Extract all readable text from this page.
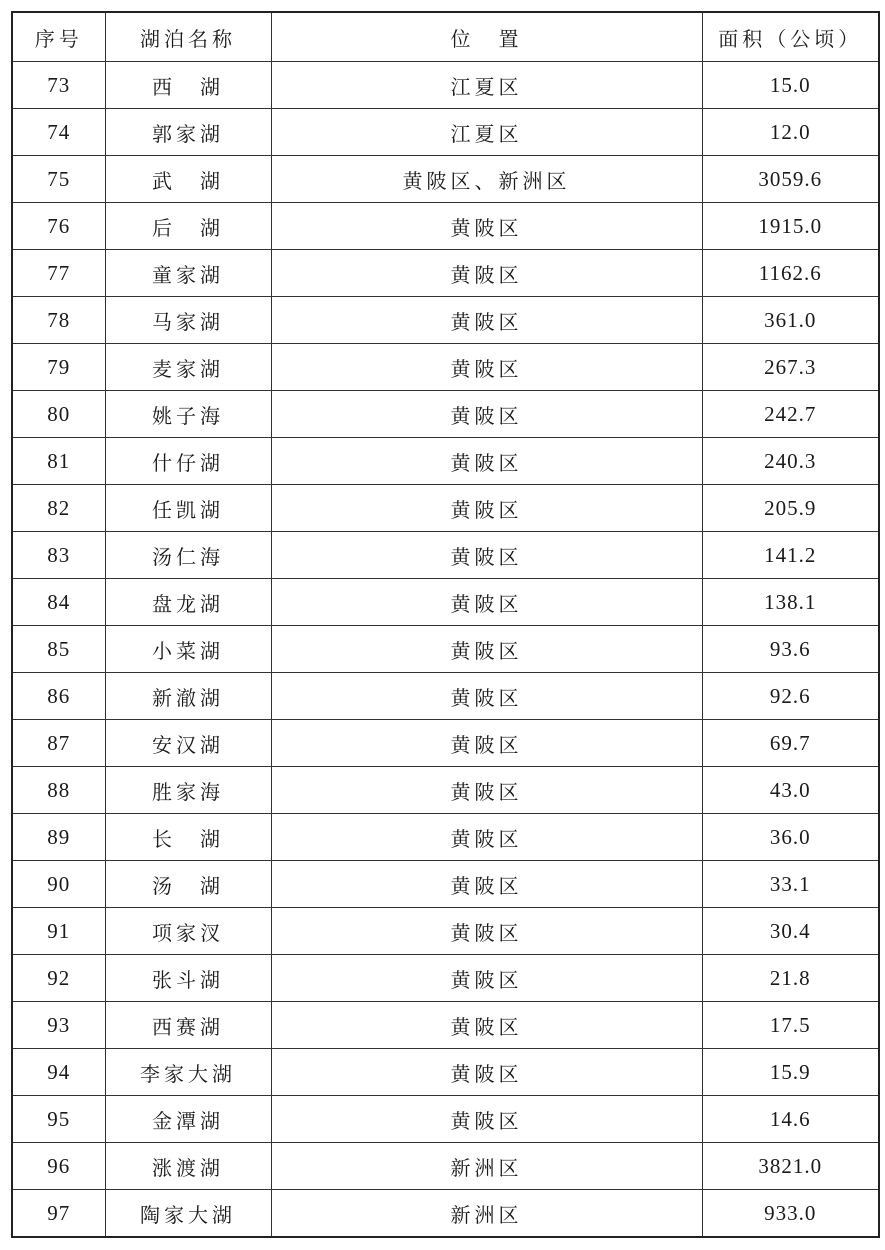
序号	湖泊名称	位　置	面积（公顷）
73	西　湖	江夏区	15.0
74	郭家湖	江夏区	12.0
75	武　湖	黄陂区、新洲区	3059.6
76	后　湖	黄陂区	1915.0
77	童家湖	黄陂区	1162.6
78	马家湖	黄陂区	361.0
79	麦家湖	黄陂区	267.3
80	姚子海	黄陂区	242.7
81	什仔湖	黄陂区	240.3
82	任凯湖	黄陂区	205.9
83	汤仁海	黄陂区	141.2
84	盘龙湖	黄陂区	138.1
85	小菜湖	黄陂区	93.6
86	新澈湖	黄陂区	92.6
87	安汉湖	黄陂区	69.7
88	胜家海	黄陂区	43.0
89	长　湖	黄陂区	36.0
90	汤　湖	黄陂区	33.1
91	项家汊	黄陂区	30.4
92	张斗湖	黄陂区	21.8
93	西赛湖	黄陂区	17.5
94	李家大湖	黄陂区	15.9
95	金潭湖	黄陂区	14.6
96	涨渡湖	新洲区	3821.0
97	陶家大湖	新洲区	933.0
